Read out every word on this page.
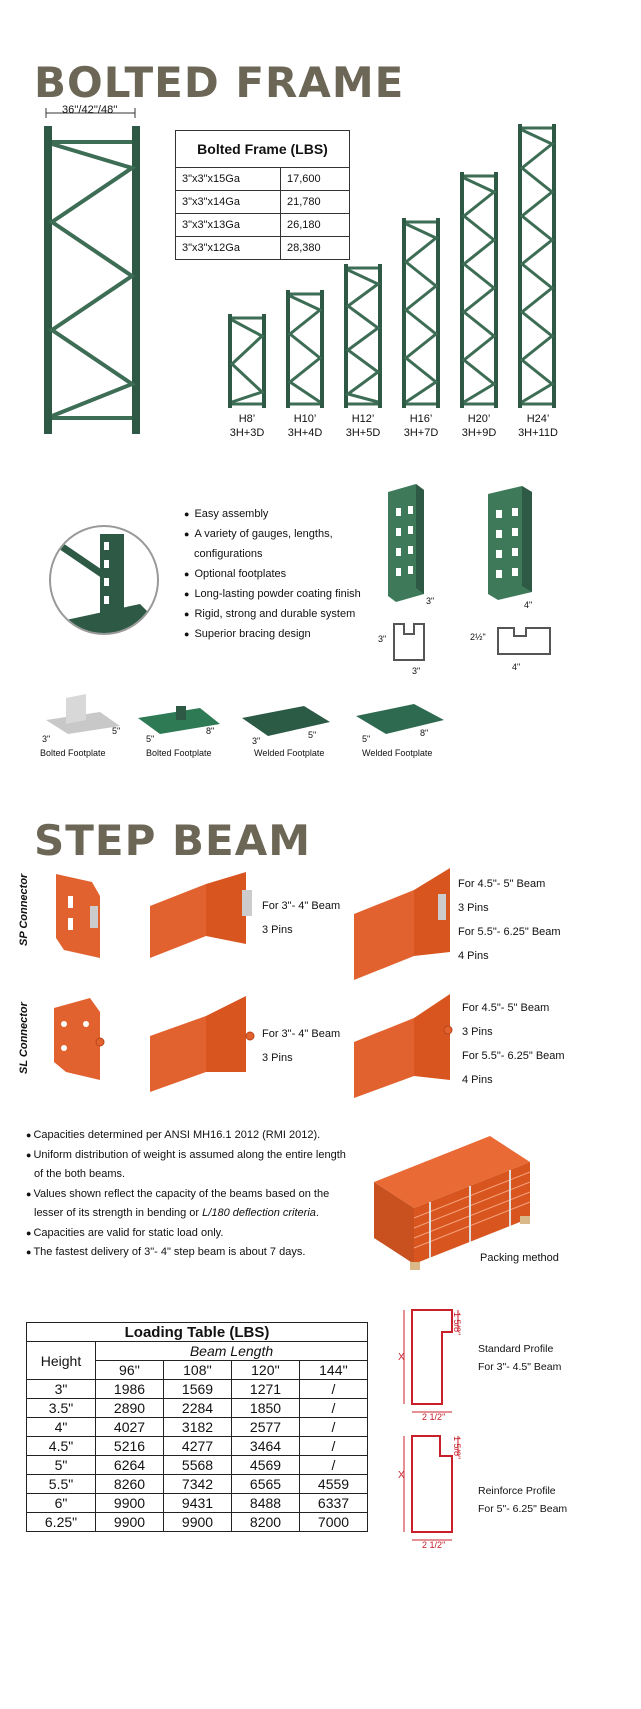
BOLTED FRAME
36''/42''/48''
Bolted Frame (LBS)	
3"x3"x15Ga	17,600
3"x3"x14Ga	21,780
3"x3"x13Ga	26,180
3"x3"x12Ga	28,380
H8’
3H+3D
H10’
3H+4D
H12’
3H+5D
H16’
3H+7D
H20’
3H+9D
H24’
3H+11D
● Easy assembly
● A variety of gauges, lengths,
configurations
● Optional footplates
● Long-lasting powder coating finish
● Rigid, strong and durable system
● Superior bracing design
3"	4"
3"
3"
2½"
4"
3"
5"
Bolted Footplate
5"
8"
Bolted Footplate
3"
5"
Welded Footplate
5"
8"
Welded Footplate
STEP BEAM
SP Connector
SL Connector
For 3"- 4" Beam
3 Pins
For 4.5"- 5" Beam
3 Pins
For 5.5"- 6.25" Beam
4 Pins
For 3"- 4" Beam
3 Pins
For 4.5"- 5" Beam
3 Pins
For 5.5"- 6.25" Beam
4 Pins
● Capacities determined per ANSI MH16.1 2012 (RMI 2012).
● Uniform distribution of weight is assumed along the entire length
of the both beams.
● Values shown reflect the capacity of the beams based on the
lesser of its strength in bending or L/180 deflection criteria.
● Capacities are valid for static load only.
● The fastest delivery of 3"- 4" step beam is about 7 days.	Packing method
Loading Table (LBS)				
Height	Beam Length			
	96''	108''	120''	144''
3"	1986	1569	1271	/
3.5"	2890	2284	1850	/
4"	4027	3182	2577	/
4.5"	5216	4277	3464	/
5"	6264	5568	4569	/
5.5"	8260	7342	6565	4559
6"	9900	9431	8488	6337
6.25"	9900	9900	8200	7000
1 5/8''
X
2 1/2''
1 5/8''
X
2 1/2''
Standard Profile
For 3"- 4.5" Beam
Reinforce Profile
For 5"- 6.25" Beam
